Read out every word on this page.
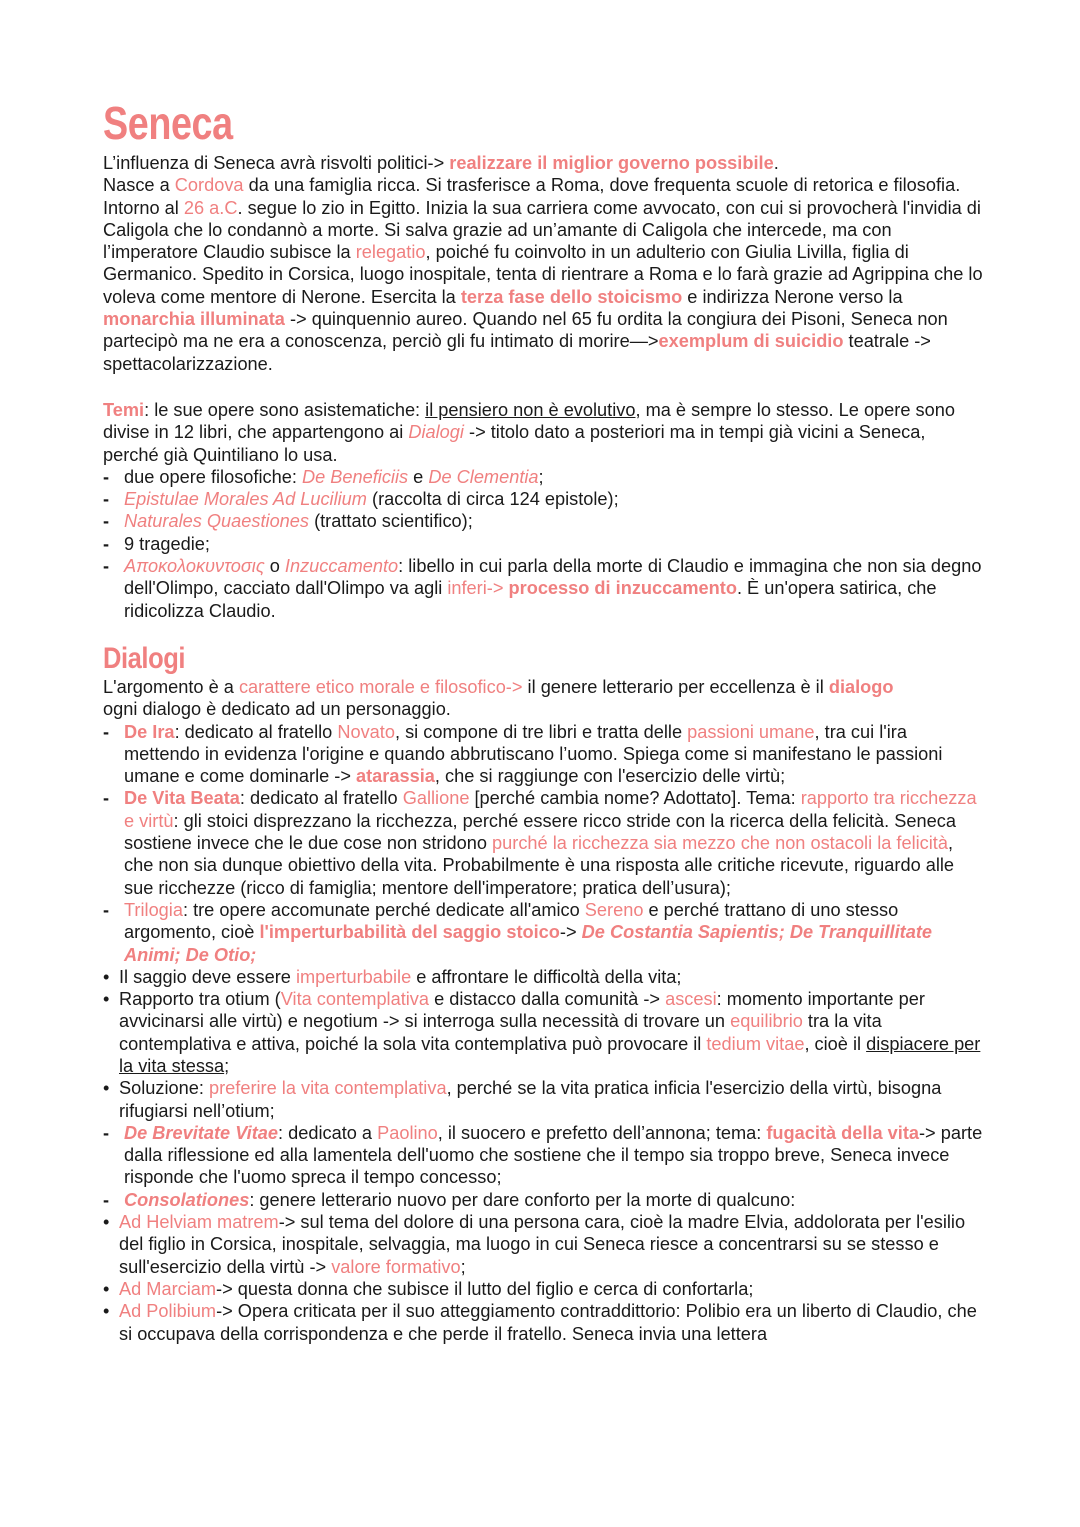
Seneca

L’influenza di Seneca avrà risvolti politici-> realizzare il miglior governo possibile.
Nasce a Cordova da una famiglia ricca. Si trasferisce a Roma, dove frequenta scuole di retorica e filosofia. Intorno al 26 a.C. segue lo zio in Egitto. Inizia la sua carriera come avvocato, con cui si provocherà l'invidia di Caligola che lo condannò a morte. Si salva grazie ad un’amante di Caligola che intercede, ma con l’imperatore Claudio subisce la relegatio, poiché fu coinvolto in un adulterio con Giulia Livilla, figlia di Germanico. Spedito in Corsica, luogo inospitale, tenta di rientrare a Roma e lo farà grazie ad Agrippina che lo voleva come mentore di Nerone. Esercita la terza fase dello stoicismo e indirizza Nerone verso la monarchia illuminata -> quinquennio aureo. Quando nel 65 fu ordita la congiura dei Pisoni, Seneca non partecipò ma ne era a conoscenza, perciò gli fu intimato di morire—>exemplum di suicidio teatrale -> spettacolarizzazione.

Temi: le sue opere sono asistematiche: il pensiero non è evolutivo, ma è sempre lo stesso. Le opere sono divise in 12 libri, che appartengono ai Dialogi -> titolo dato a posteriori ma in tempi già vicini a Seneca, perché già Quintiliano lo usa.

- due opere filosofiche: De Beneficiis e De Clementia;
- Epistulae Morales Ad Lucilium (raccolta di circa 124 epistole);
- Naturales Quaestiones (trattato scientifico);
- 9 tragedie;
- Αποκολοκυντοσις o Inzuccamento: libello in cui parla della morte di Claudio e immagina che non sia degno dell'Olimpo, cacciato dall'Olimpo va agli inferi-> processo di inzuccamento. È un'opera satirica, che ridicolizza Claudio.
Dialogi

L'argomento è a carattere etico morale e filosofico-> il genere letterario per eccellenza è il dialogo
ogni dialogo è dedicato ad un personaggio.

- De Ira: dedicato al fratello Novato, si compone di tre libri e tratta delle passioni umane, tra cui l'ira mettendo in evidenza l'origine e quando abbrutiscano l’uomo. Spiega come si manifestano le passioni umane e come dominarle -> atarassia, che si raggiunge con l'esercizio delle virtù;
- De Vita Beata: dedicato al fratello Gallione [perché cambia nome? Adottato]. Tema: rapporto tra ricchezza e virtù: gli stoici disprezzano la ricchezza, perché essere ricco stride con la ricerca della felicità. Seneca sostiene invece che le due cose non stridono purché la ricchezza sia mezzo che non ostacoli la felicità, che non sia dunque obiettivo della vita. Probabilmente è una risposta alle critiche ricevute, riguardo alle sue ricchezze (ricco di famiglia; mentore dell'imperatore; pratica dell’usura);
- Trilogia: tre opere accomunate perché dedicate all'amico Sereno e perché trattano di uno stesso argomento, cioè l'imperturbabilità del saggio stoico-> De Costantia Sapientis; De Tranquillitate Animi; De Otio;
• Il saggio deve essere imperturbabile e affrontare le difficoltà della vita;
• Rapporto tra otium (Vita contemplativa e distacco dalla comunità -> ascesi: momento importante per avvicinarsi alle virtù) e negotium -> si interroga sulla necessità di trovare un equilibrio tra la vita contemplativa e attiva, poiché la sola vita contemplativa può provocare il tedium vitae, cioè il dispiacere per la vita stessa;
• Soluzione: preferire la vita contemplativa, perché se la vita pratica inficia l'esercizio della virtù, bisogna rifugiarsi nell’otium;
- De Brevitate Vitae: dedicato a Paolino, il suocero e prefetto dell’annona; tema: fugacità della vita-> parte dalla riflessione ed alla lamentela dell'uomo che sostiene che il tempo sia troppo breve, Seneca invece risponde che l'uomo spreca il tempo concesso;
- Consolationes: genere letterario nuovo per dare conforto per la morte di qualcuno:
• Ad Helviam matrem-> sul tema del dolore di una persona cara, cioè la madre Elvia, addolorata per l'esilio del figlio in Corsica, inospitale, selvaggia, ma luogo in cui Seneca riesce a concentrarsi su se stesso e sull'esercizio della virtù -> valore formativo;
• Ad Marciam-> questa donna che subisce il lutto del figlio e cerca di confortarla;
• Ad Polibium-> Opera criticata per il suo atteggiamento contraddittorio: Polibio era un liberto di Claudio, che si occupava della corrispondenza e che perde il fratello. Seneca invia una lettera
